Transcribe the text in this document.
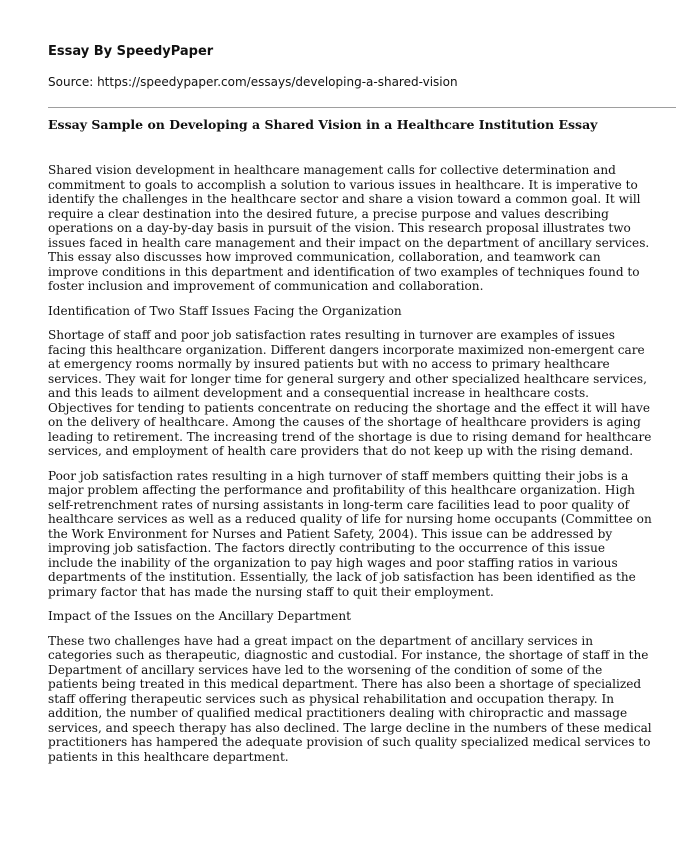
Essay By SpeedyPaper
Source: https://speedypaper.com/essays/developing-a-shared-vision
Essay Sample on Developing a Shared Vision in a Healthcare Institution Essay

Shared vision development in healthcare management calls for collective determination and commitment to goals to accomplish a solution to various issues in healthcare. It is imperative to identify the challenges in the healthcare sector and share a vision toward a common goal. It will require a clear destination into the desired future, a precise purpose and values describing operations on a day-by-day basis in pursuit of the vision. This research proposal illustrates two issues faced in health care management and their impact on the department of ancillary services. This essay also discusses how improved communication, collaboration, and teamwork can improve conditions in this department and identification of two examples of techniques found to foster inclusion and improvement of communication and collaboration.

Identification of Two Staff Issues Facing the Organization

Shortage of staff and poor job satisfaction rates resulting in turnover are examples of issues facing this healthcare organization. Different dangers incorporate maximized non-emergent care at emergency rooms normally by insured patients but with no access to primary healthcare services. They wait for longer time for general surgery and other specialized healthcare services, and this leads to ailment development and a consequential increase in healthcare costs. Objectives for tending to patients concentrate on reducing the shortage and the effect it will have on the delivery of healthcare. Among the causes of the shortage of healthcare providers is aging leading to retirement. The increasing trend of the shortage is due to rising demand for healthcare services, and employment of health care providers that do not keep up with the rising demand.

Poor job satisfaction rates resulting in a high turnover of staff members quitting their jobs is a major problem affecting the performance and profitability of this healthcare organization. High self-retrenchment rates of nursing assistants in long-term care facilities lead to poor quality of healthcare services as well as a reduced quality of life for nursing home occupants (Committee on the Work Environment for Nurses and Patient Safety, 2004). This issue can be addressed by improving job satisfaction. The factors directly contributing to the occurrence of this issue include the inability of the organization to pay high wages and poor staffing ratios in various departments of the institution. Essentially, the lack of job satisfaction has been identified as the primary factor that has made the nursing staff to quit their employment.

Impact of the Issues on the Ancillary Department

These two challenges have had a great impact on the department of ancillary services in categories such as therapeutic, diagnostic and custodial. For instance, the shortage of staff in the Department of ancillary services have led to the worsening of the condition of some of the patients being treated in this medical department. There has also been a shortage of specialized staff offering therapeutic services such as physical rehabilitation and occupation therapy. In addition, the number of qualified medical practitioners dealing with chiropractic and massage services, and speech therapy has also declined. The large decline in the numbers of these medical practitioners has hampered the adequate provision of such quality specialized medical services to patients in this healthcare department.
